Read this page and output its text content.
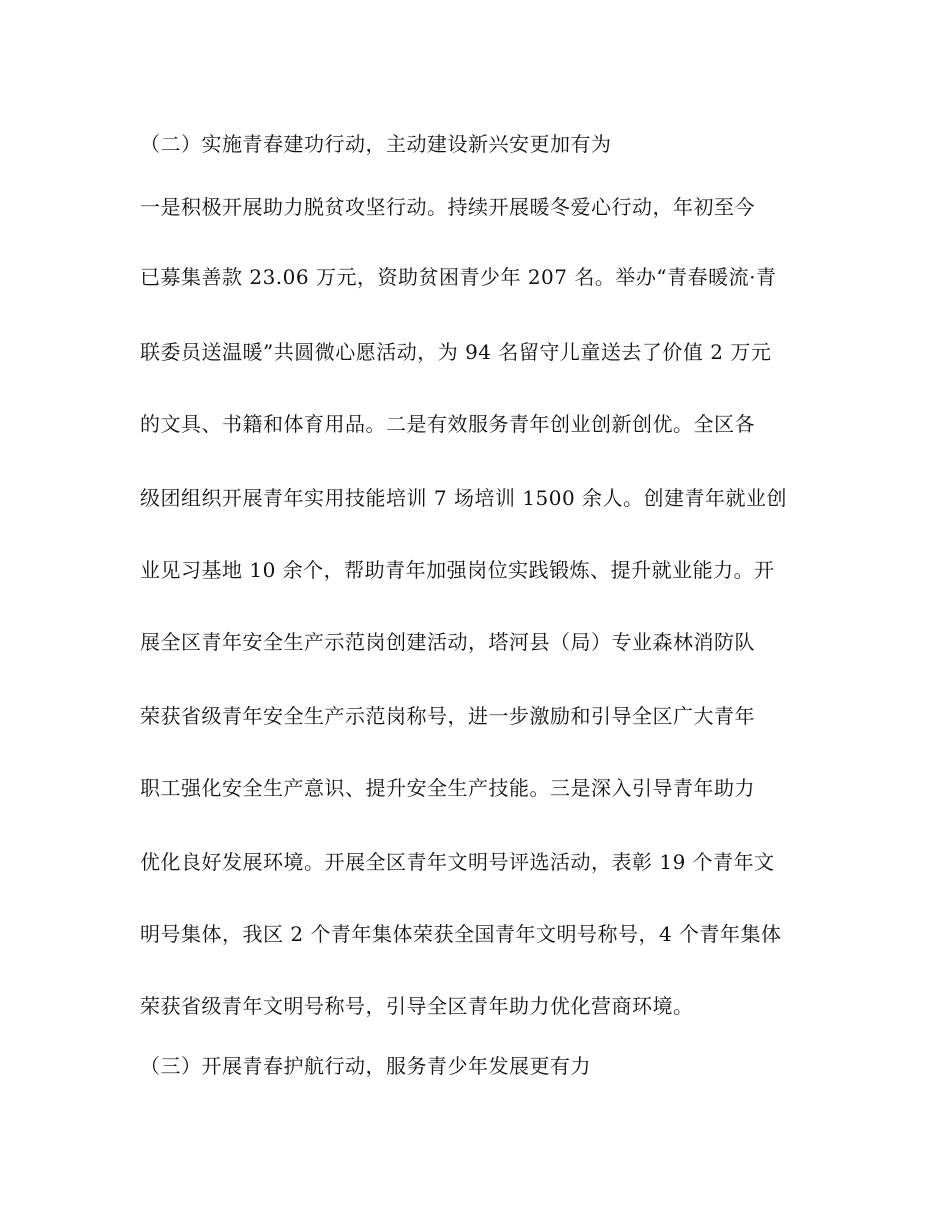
（二）实施青春建功行动，主动建设新兴安更加有为
一是积极开展助力脱贫攻坚行动。持续开展暖冬爱心行动，年初至今
已募集善款 23.06 万元，资助贫困青少年 207 名。举办“青春暖流·青
联委员送温暖”共圆微心愿活动，为 94 名留守儿童送去了价值 2 万元
的文具、书籍和体育用品。二是有效服务青年创业创新创优。全区各
级团组织开展青年实用技能培训 7 场培训 1500 余人。创建青年就业创
业见习基地 10 余个，帮助青年加强岗位实践锻炼、提升就业能力。开
展全区青年安全生产示范岗创建活动，塔河县（局）专业森林消防队
荣获省级青年安全生产示范岗称号，进一步激励和引导全区广大青年
职工强化安全生产意识、提升安全生产技能。三是深入引导青年助力
优化良好发展环境。开展全区青年文明号评选活动，表彰 19 个青年文
明号集体，我区 2 个青年集体荣获全国青年文明号称号，4 个青年集体
荣获省级青年文明号称号，引导全区青年助力优化营商环境。
（三）开展青春护航行动，服务青少年发展更有力
